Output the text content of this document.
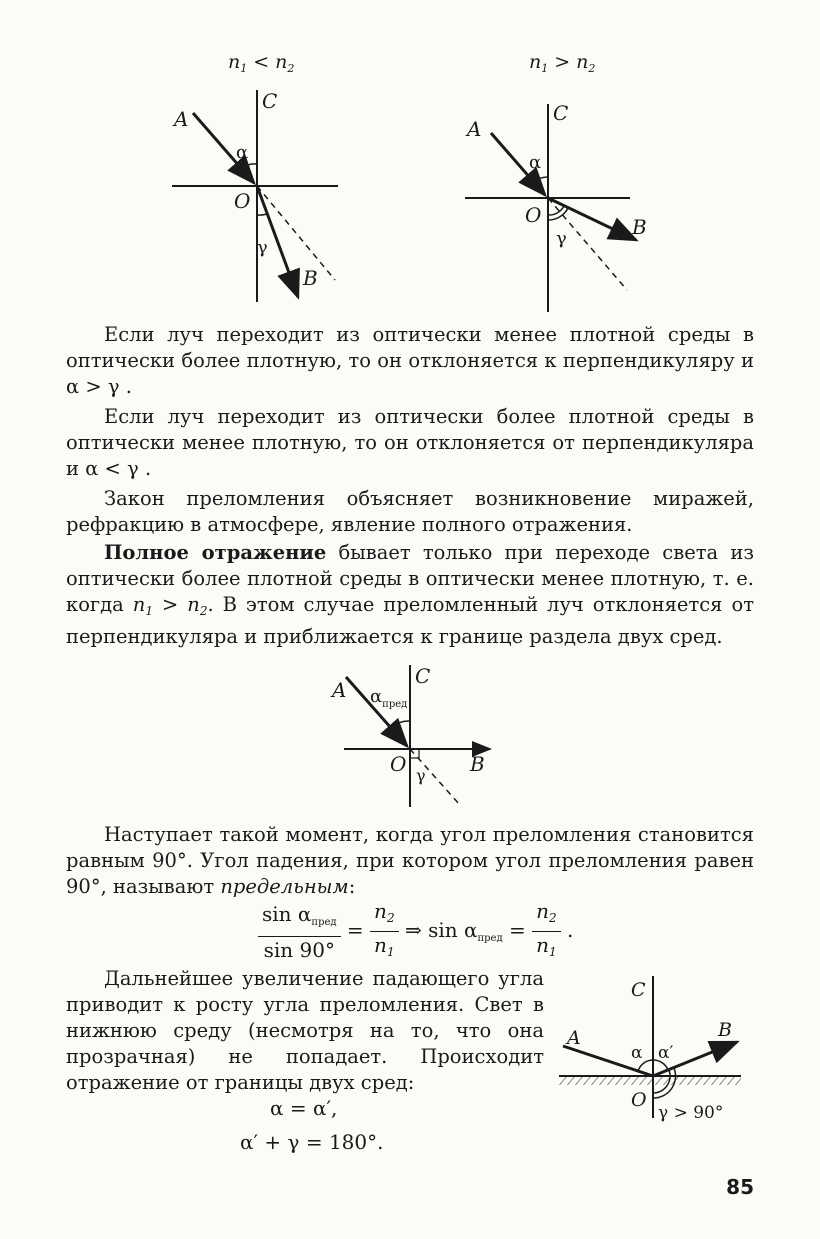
$n_1 < n_2$
A
C
O
B
α
γ
$n_1 > n_2$
A
C
O	B
α
γ

Если луч переходит из оптически менее плотной среды в оптически более плотную, то он отклоняется к перпендикуляру и α > γ .

Если луч переходит из оптически более плотной среды в оптически менее плотную, то он отклоняется от перпендикуляра и α < γ .

Закон преломления объясняет возникновение миражей, рефракцию в атмосфере, явление полного отражения.

Полное отражение бывает только при переходе света из оптически более плотной среды в оптически менее плотную, т. е. когда $n_1 > n_2$. В этом случае преломленный луч отклоняется от перпендикуляра и приближается к границе раздела двух сред.

A
C
O	B
$\alpha_{пред}$
γ

Наступает такой момент, когда угол преломления становится равным 90°. Угол падения, при котором угол преломления равен 90°, называют предельным:

$\frac{\sin \alpha_{пред}}{\sin 90^\circ} = \frac{n_2}{n_1}$ ⇒ $\sin \alpha_{пред} = \frac{n_2}{n_1}$ .

Дальнейшее увеличение падающего угла приводит к росту угла преломления. Свет в нижнюю среду (несмотря на то, что она прозрачная) не попадает. Происходит отражение от границы двух сред:

α = α′,
α′ + γ = 180°.
C
A	B
O
α α′
γ > 90°
85
